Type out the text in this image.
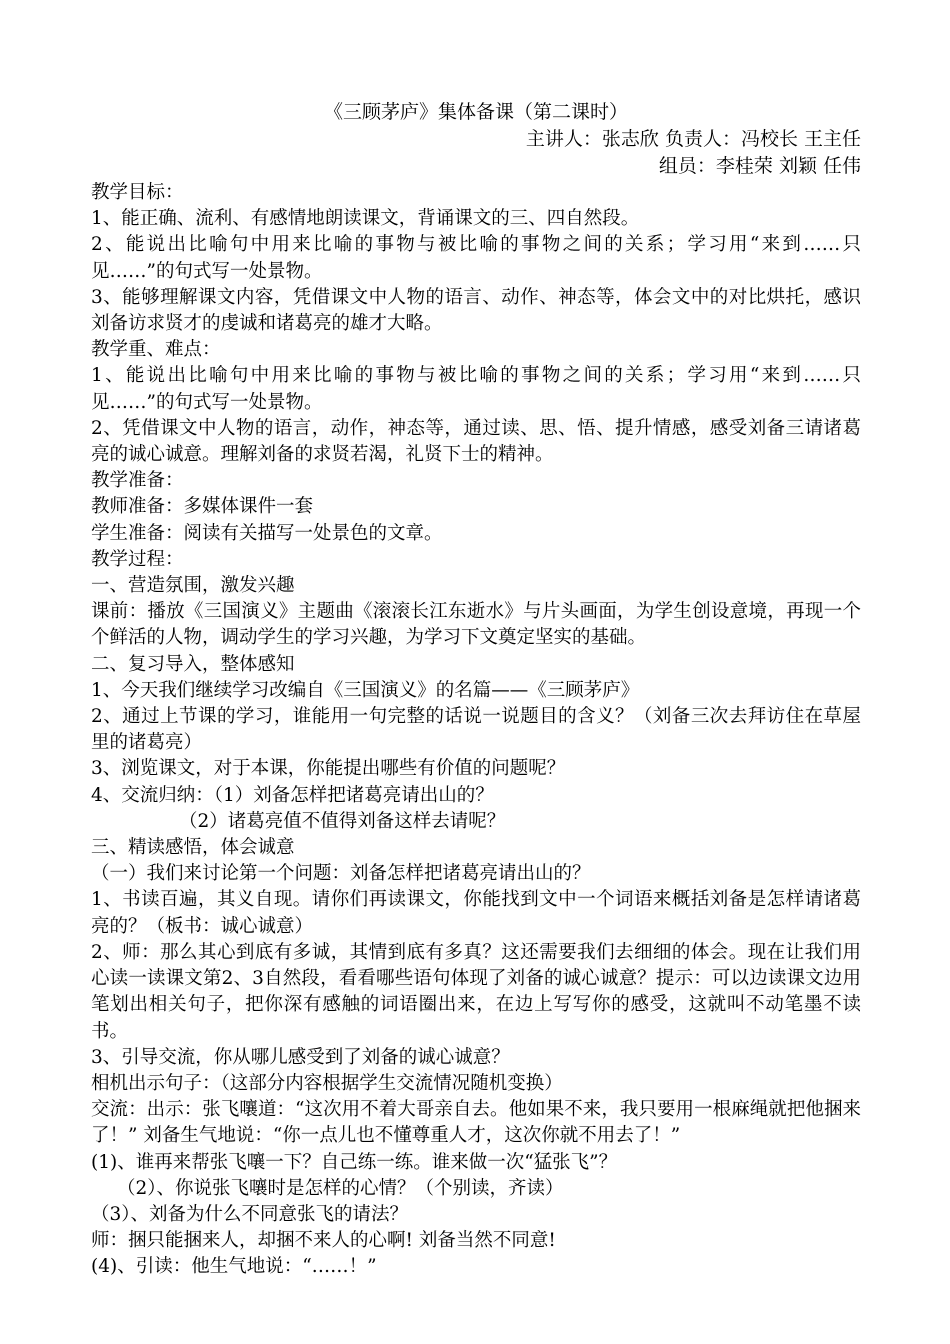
《三顾茅庐》集体备课（第二课时）

主讲人：张志欣 负责人：冯校长 王主任

组员：李桂荣 刘颖 任伟

教学目标：

1、能正确、流利、有感情地朗读课文，背诵课文的三、四自然段。

2、能说出比喻句中用来比喻的事物与被比喻的事物之间的关系；学习用“来到……只见……”的句式写一处景物。

3、能够理解课文内容，凭借课文中人物的语言、动作、神态等，体会文中的对比烘托，感识刘备访求贤才的虔诚和诸葛亮的雄才大略。

教学重、难点：

1、能说出比喻句中用来比喻的事物与被比喻的事物之间的关系；学习用“来到……只见……”的句式写一处景物。

2、凭借课文中人物的语言，动作，神态等，通过读、思、悟、提升情感，感受刘备三请诸葛亮的诚心诚意。理解刘备的求贤若渴，礼贤下士的精神。

教学准备：

教师准备：多媒体课件一套

学生准备：阅读有关描写一处景色的文章。

教学过程：

一、营造氛围，激发兴趣

课前：播放《三国演义》主题曲《滚滚长江东逝水》与片头画面，为学生创设意境，再现一个个鲜活的人物，调动学生的学习兴趣，为学习下文奠定坚实的基础。

二、复习导入，整体感知

1、今天我们继续学习改编自《三国演义》的名篇——《三顾茅庐》

2、通过上节课的学习，谁能用一句完整的话说一说题目的含义？（刘备三次去拜访住在草屋里的诸葛亮）

3、浏览课文，对于本课，你能提出哪些有价值的问题呢？

4、交流归纳：（1）刘备怎样把诸葛亮请出山的？

（2）诸葛亮值不值得刘备这样去请呢？

三、精读感悟，体会诚意

（一）我们来讨论第一个问题：刘备怎样把诸葛亮请出山的？

1、书读百遍，其义自现。请你们再读课文，你能找到文中一个词语来概括刘备是怎样请诸葛亮的？（板书：诚心诚意）

2、师：那么其心到底有多诚，其情到底有多真？这还需要我们去细细的体会。现在让我们用心读一读课文第2、3自然段，看看哪些语句体现了刘备的诚心诚意？提示：可以边读课文边用笔划出相关句子，把你深有感触的词语圈出来，在边上写写你的感受，这就叫不动笔墨不读书。

3、引导交流，你从哪儿感受到了刘备的诚心诚意？

相机出示句子：（这部分内容根据学生交流情况随机变换）

交流：出示：张飞嚷道：“这次用不着大哥亲自去。他如果不来，我只要用一根麻绳就把他捆来了！” 刘备生气地说：“你一点儿也不懂尊重人才，这次你就不用去了！”

(1)、谁再来帮张飞嚷一下？自己练一练。谁来做一次“猛张飞”？

（2）、你说张飞嚷时是怎样的心情？（个别读，齐读）

（3）、刘备为什么不同意张飞的请法？

师：捆只能捆来人，却捆不来人的心啊! 刘备当然不同意!

(4)、引读：他生气地说：“……！”
